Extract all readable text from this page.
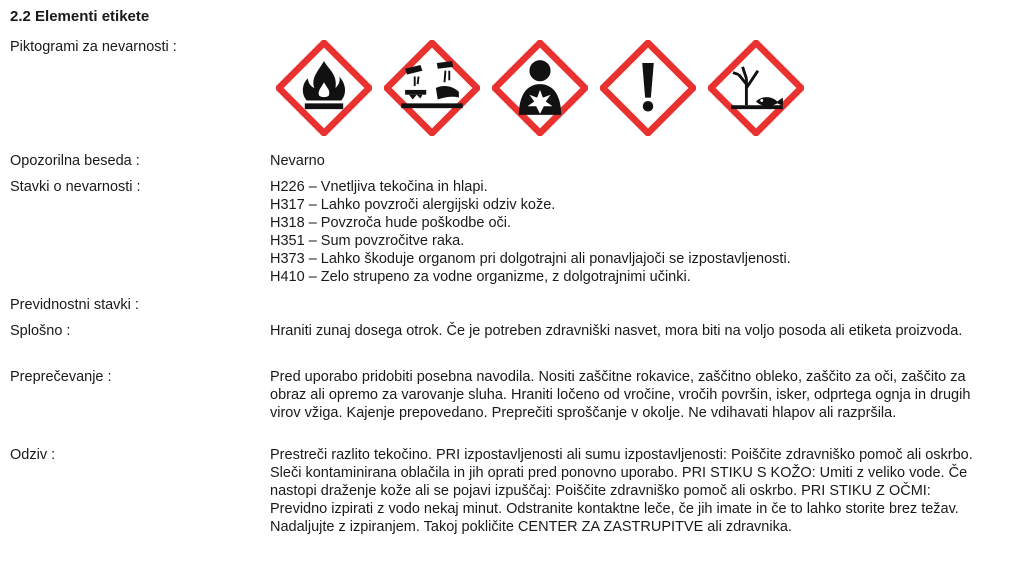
2.2 Elementi etikete
Piktogrami za nevarnosti :
Opozorilna beseda :	Nevarno
Stavki o nevarnosti :	H226 – Vnetljiva tekočina in hlapi.
H317 – Lahko povzroči alergijski odziv kože.
H318 – Povzroča hude poškodbe oči.
H351 – Sum povzročitve raka.
H373 – Lahko škoduje organom pri dolgotrajni ali ponavljajoči se izpostavljenosti.
H410 – Zelo strupeno za vodne organizme, z dolgotrajnimi učinki.
Previdnostni stavki :
Splošno :	Hraniti zunaj dosega otrok. Če je potreben zdravniški nasvet, mora biti na voljo posoda ali etiketa proizvoda.
Preprečevanje :	Pred uporabo pridobiti posebna navodila. Nositi zaščitne rokavice, zaščitno obleko, zaščito za oči, zaščito za obraz ali opremo za varovanje sluha. Hraniti ločeno od vročine, vročih površin, isker, odprtega ognja in drugih virov vžiga. Kajenje prepovedano. Preprečiti sproščanje v okolje. Ne vdihavati hlapov ali razpršila.
Odziv :	Prestreči razlito tekočino. PRI izpostavljenosti ali sumu izpostavljenosti: Poiščite zdravniško pomoč ali oskrbo. Sleči kontaminirana oblačila in jih oprati pred ponovno uporabo. PRI STIKU S KOŽO: Umiti z veliko vode. Če nastopi draženje kože ali se pojavi izpuščaj: Poiščite zdravniško pomoč ali oskrbo. PRI STIKU Z OČMI: Previdno izpirati z vodo nekaj minut. Odstranite kontaktne leče, če jih imate in če to lahko storite brez težav. Nadaljujte z izpiranjem. Takoj pokličite CENTER ZA ZASTRUPITVE ali zdravnika.
